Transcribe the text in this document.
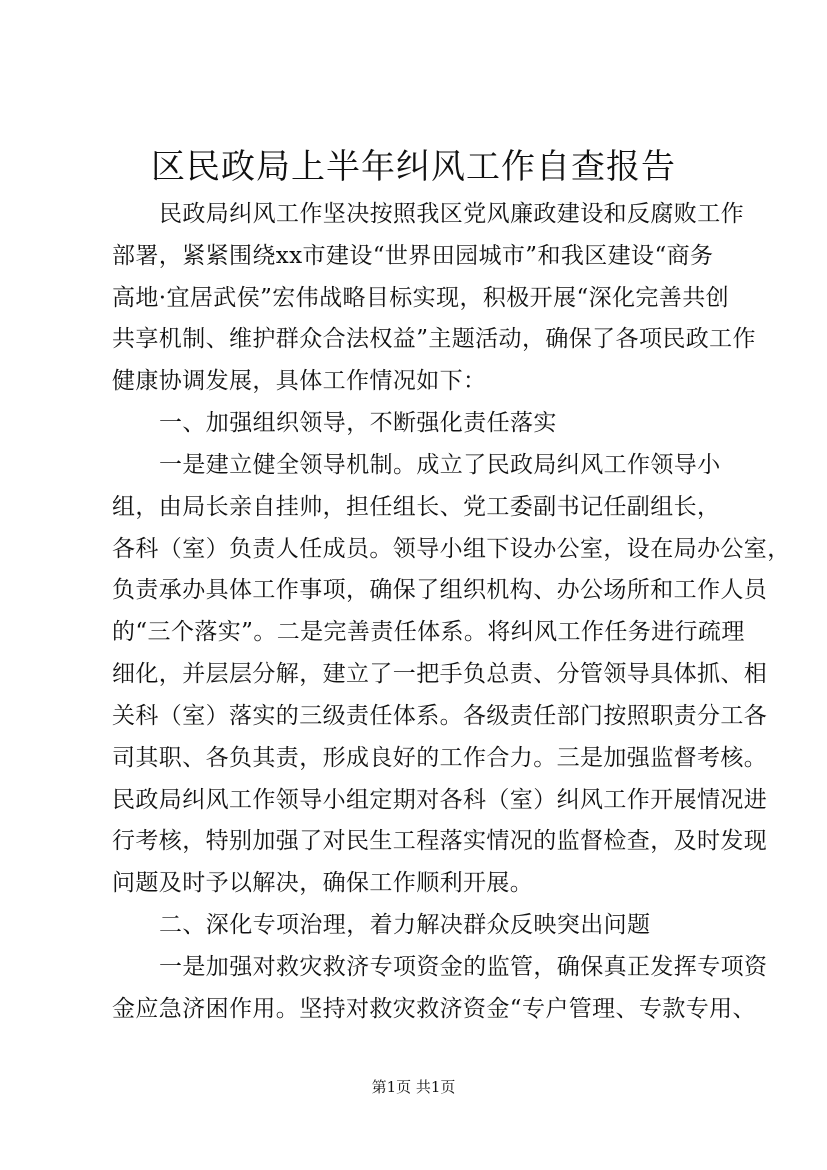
区民政局上半年纠风工作自查报告

民政局纠风工作坚决按照我区党风廉政建设和反腐败工作

部署，紧紧围绕xx市建设“世界田园城市”和我区建设“商务

高地·宜居武侯”宏伟战略目标实现，积极开展“深化完善共创

共享机制、维护群众合法权益”主题活动，确保了各项民政工作

健康协调发展，具体工作情况如下：

一、加强组织领导，不断强化责任落实

一是建立健全领导机制。成立了民政局纠风工作领导小

组，由局长亲自挂帅，担任组长、党工委副书记任副组长，

各科（室）负责人任成员。领导小组下设办公室，设在局办公室，

负责承办具体工作事项，确保了组织机构、办公场所和工作人员

的“三个落实”。二是完善责任体系。将纠风工作任务进行疏理

细化，并层层分解，建立了一把手负总责、分管领导具体抓、相

关科（室）落实的三级责任体系。各级责任部门按照职责分工各

司其职、各负其责，形成良好的工作合力。三是加强监督考核。

民政局纠风工作领导小组定期对各科（室）纠风工作开展情况进

行考核，特别加强了对民生工程落实情况的监督检查，及时发现

问题及时予以解决，确保工作顺利开展。

二、深化专项治理，着力解决群众反映突出问题

一是加强对救灾救济专项资金的监管，确保真正发挥专项资

金应急济困作用。坚持对救灾救济资金“专户管理、专款专用、

第1页 共1页
